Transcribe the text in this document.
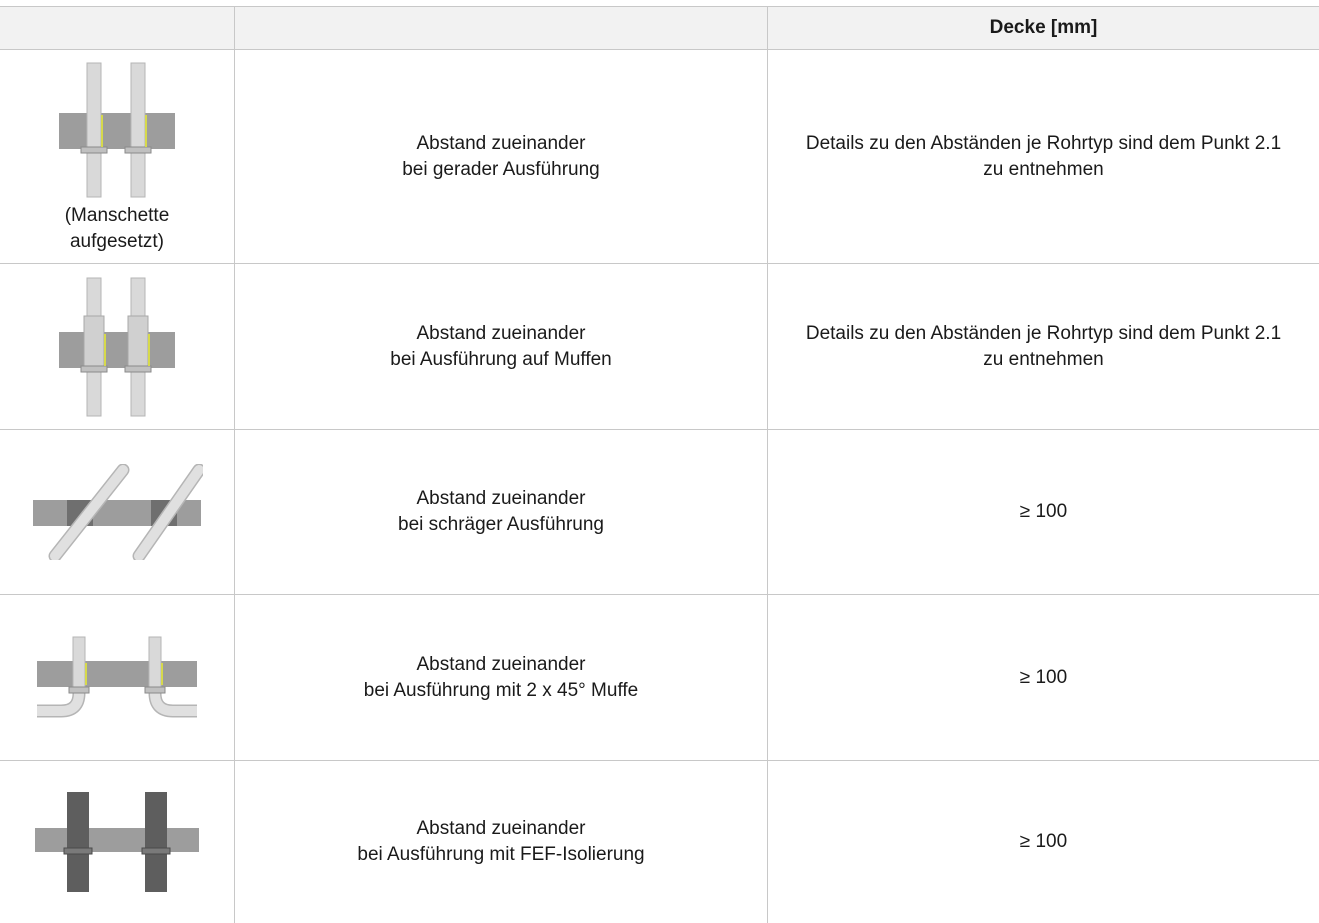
Decke [mm]
(Manschette
aufgesetzt)
Abstand zueinander
bei gerader Ausführung
Details zu den Abständen je Rohrtyp sind dem Punkt 2.1
zu entnehmen
Abstand zueinander
bei Ausführung auf Muffen
Details zu den Abständen je Rohrtyp sind dem Punkt 2.1
zu entnehmen
Abstand zueinander
bei schräger Ausführung
≥ 100
Abstand zueinander
bei Ausführung mit 2 x 45° Muffe
≥ 100
Abstand zueinander
bei Ausführung mit FEF-Isolierung
≥ 100
